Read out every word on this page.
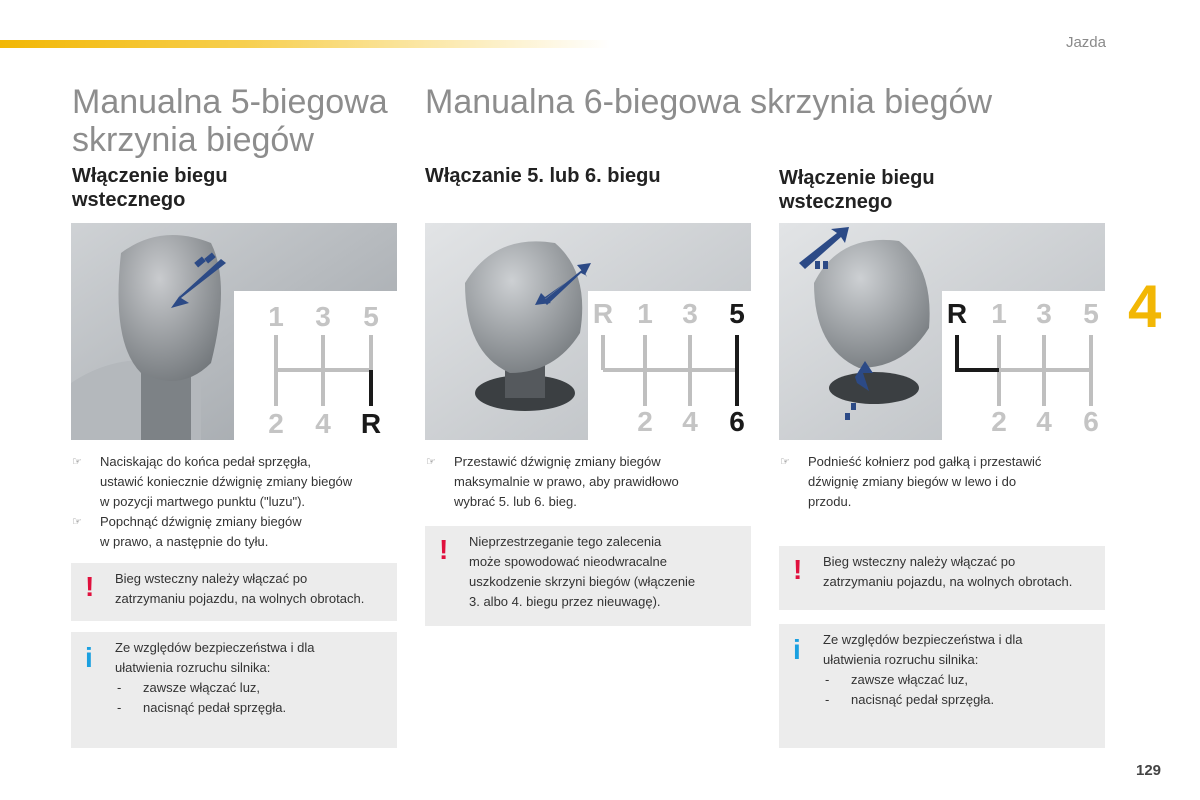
Jazda
Manualna 5-biegowa
skrzynia biegów
Manualna 6-biegowa skrzynia biegów
Włączenie biegu
wstecznego
Włączanie 5. lub 6. biegu	Włączenie biegu
wstecznego
1 3 5
2 4 R
R 1 3 5
2 4 6
R 1 3 5
2 4 6
☞ Naciskając do końca pedał sprzęgła,
ustawić koniecznie dźwignię zmiany biegów
w pozycji martwego punktu ("luzu").
☞ Popchnąć dźwignię zmiany biegów
w prawo, a następnie do tyłu.
! Bieg wsteczny należy włączać po
zatrzymaniu pojazdu, na wolnych obrotach.
i Ze względów bezpieczeństwa i dla
ułatwienia rozruchu silnika:
- zawsze włączać luz,
- nacisnąć pedał sprzęgła.
☞ Przestawić dźwignię zmiany biegów
maksymalnie w prawo, aby prawidłowo
wybrać 5. lub 6. bieg.
! Nieprzestrzeganie tego zalecenia
może spowodować nieodwracalne
uszkodzenie skrzyni biegów (włączenie
3. albo 4. biegu przez nieuwagę).
☞ Podnieść kołnierz pod gałką i przestawić
dźwignię zmiany biegów w lewo i do
przodu.
! Bieg wsteczny należy włączać po
zatrzymaniu pojazdu, na wolnych obrotach.
i Ze względów bezpieczeństwa i dla
ułatwienia rozruchu silnika:
- zawsze włączać luz,
- nacisnąć pedał sprzęgła.
4
129
